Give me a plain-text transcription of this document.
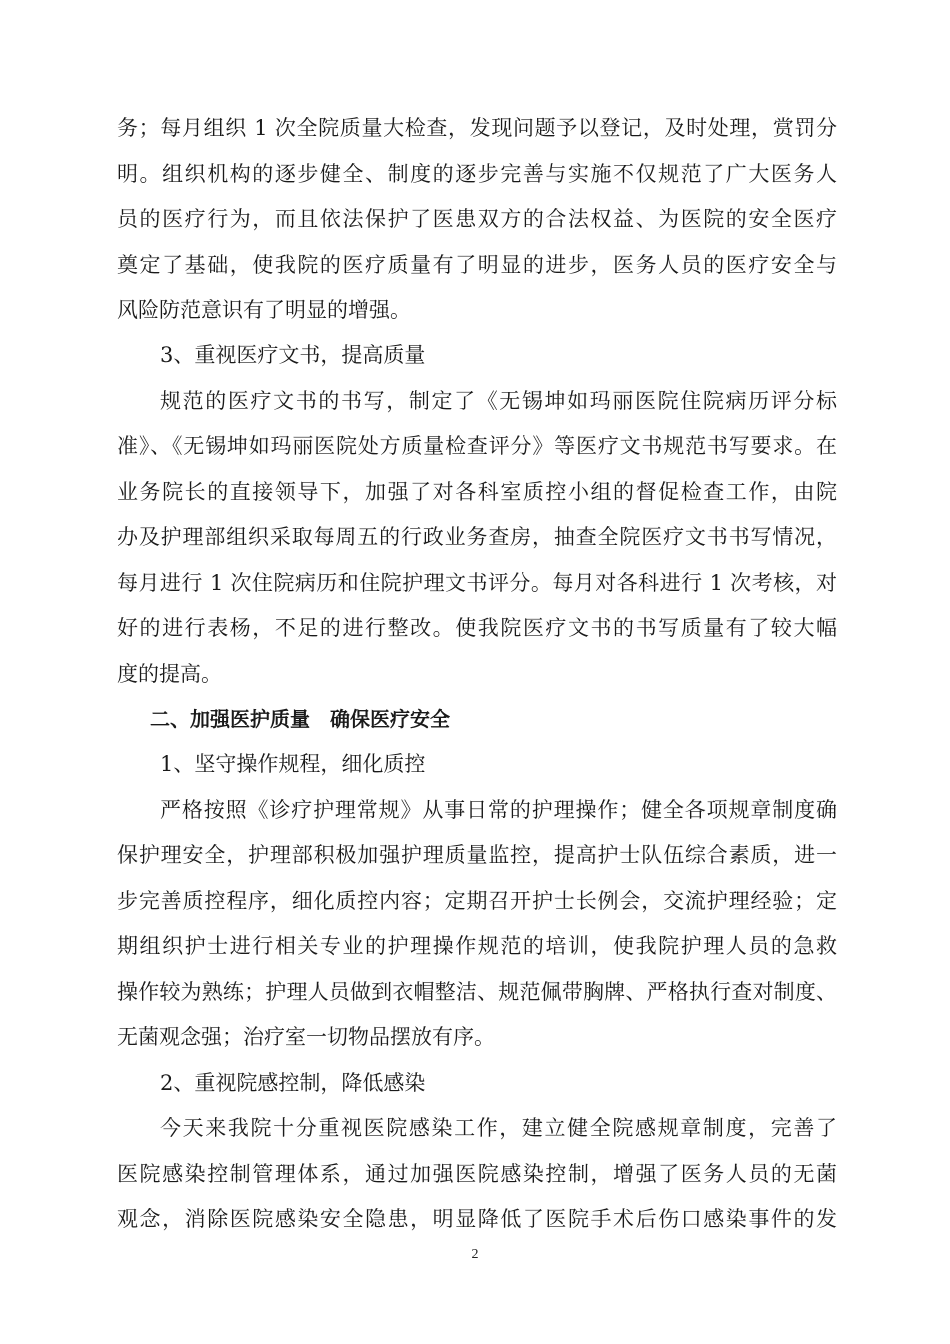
务；每月组织 1 次全院质量大检查，发现问题予以登记，及时处理，赏罚分
明。组织机构的逐步健全、制度的逐步完善与实施不仅规范了广大医务人
员的医疗行为，而且依法保护了医患双方的合法权益、为医院的安全医疗
奠定了基础，使我院的医疗质量有了明显的进步，医务人员的医疗安全与
风险防范意识有了明显的增强。
3、重视医疗文书，提高质量
规范的医疗文书的书写，制定了《无锡坤如玛丽医院住院病历评分标
准》、《无锡坤如玛丽医院处方质量检查评分》等医疗文书规范书写要求。在
业务院长的直接领导下，加强了对各科室质控小组的督促检查工作，由院
办及护理部组织采取每周五的行政业务查房，抽查全院医疗文书书写情况，
每月进行 1 次住院病历和住院护理文书评分。每月对各科进行 1 次考核，对
好的进行表杨，不足的进行整改。使我院医疗文书的书写质量有了较大幅
度的提高。
二、加强医护质量　确保医疗安全
1、坚守操作规程，细化质控
严格按照《诊疗护理常规》从事日常的护理操作；健全各项规章制度确
保护理安全，护理部积极加强护理质量监控，提高护士队伍综合素质，进一
步完善质控程序，细化质控内容；定期召开护士长例会，交流护理经验；定
期组织护士进行相关专业的护理操作规范的培训，使我院护理人员的急救
操作较为熟练；护理人员做到衣帽整洁、规范佩带胸牌、严格执行查对制度、
无菌观念强；治疗室一切物品摆放有序。
2、重视院感控制，降低感染
今天来我院十分重视医院感染工作，建立健全院感规章制度，完善了
医院感染控制管理体系，通过加强医院感染控制，增强了医务人员的无菌
观念，消除医院感染安全隐患，明显降低了医院手术后伤口感染事件的发
2
